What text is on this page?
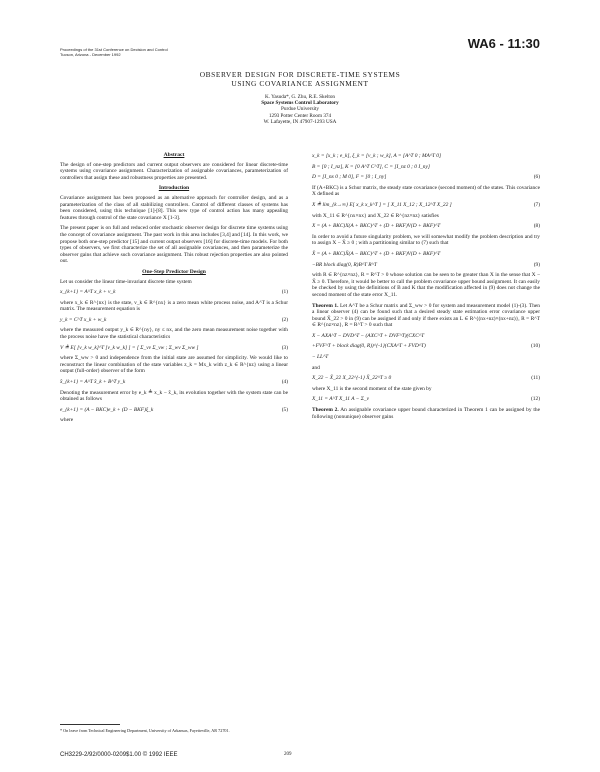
Proceedings of the 31st Conference on Decision and Control Tucson, Arizona - December 1992
WA6 - 11:30
OBSERVER DESIGN FOR DISCRETE-TIME SYSTEMS
USING COVARIANCE ASSIGNMENT
K. Yasuda*, G. Zhu, R.E. Skelton
Space Systems Control Laboratory
Purdue University
1293 Potter Center Room 374
W. Lafayette, IN 47907-1293 USA
Abstract

The design of one-step predictors and current output observers are considered for linear discrete-time systems using covariance assignment. Characterization of assignable covariances, parameterization of controllers that assign these and robustness properties are presented.

Introduction

Covariance assignment has been proposed as an alternative approach for controller design, and as a parameterization of the class of all stabilizing controllers. Control of different classes of systems has been considered, using this technique [1]-[8]. This new type of control action has many appealing features through control of the state covariance X [1-3].

The present paper is on full and reduced order stochastic observer design for discrete time systems using the concept of covariance assignment. The past work in this area includes [3,4] and [14]. In this work, we propose both one-step predictor [15] and current output observers [16] for discrete-time models. For both types of observers, we first characterize the set of all assignable covariances, and then parameterize the observer gains that achieve such covariance assignment. This robust rejection properties are also pointed out.

One-Step Predictor Design

Let us consider the linear time-invariant discrete time system

x_{k+1} = A^T x_k + v_k	(1)

where x_k ∈ R^{nx} is the state, v_k ∈ R^{nx} is a zero mean white process noise, and A^T is a Schur matrix. The measurement equation is

y_k = C^T x_k + w_k	(2)

where the measured output y_k ∈ R^{ny}, ny ≤ nx, and the zero mean measurement noise together with the process noise have the statistical characteristics

V ≜ E[ [v_k w_k]^T [v_k w_k] ] = [ Σ_vv Σ_vw ; Σ_wv Σ_ww ]	(3)

where Σ_ww > 0 and independence from the initial state are assumed for simplicity. We would like to reconstruct the linear combination of the state variables z_k = Mx_k with z_k ∈ R^{nz} using a linear output (full-order) observer of the form

x̂_{k+1} = A^T x̂_k + B^T y_k	(4)

Denoting the measurement error by e_k ≜ x_k − x̂_k, its evolution together with the system state can be obtained as follows

e_{k+1} = (A − BKC)e_k + (D − BKF)ξ_k	(5)

where

x_k = [x_k ; e_k], ξ_k = [v_k ; w_k], A = [A^T 0 ; MA^T 0]
B = [0 ; I_nz], K = [0 A^T C^T], C = [I_nz 0 ; 0 I_ny]
D = [I_nx 0 ; M 0], F = [0 ; I_ny]	(6)

If (A+BKC) is a Schur matrix, the steady state covariance (second moment) of the states. This covariance X defined as

X ≜ lim_{k→∞} E[ x_k x_k^T ] = [ X_11 X_12 ; X_12^T X_22 ]	(7)

with X_11 ∈ R^{nx×nx} and X_22 ∈ R^{nz×nz} satisfies

X = (A + BKC)X(A + BKC)^T + (D + BKF)V(D + BKF)^T	(8)

In order to avoid a future singularity problem, we will somewhat modify the problem description and try to assign X − X̄ ≥ 0 ; with a partitioning similar to (7) such that

X̄ = (A + BKC)X̄(A − BKC)^T + (D + BKF)V(D + BKF)^T
−BR block diag(0, R)B^T R^T	(9)

with R ∈ R^{nz×nz}, R = R^T > 0 whose solution can be seen to be greater than X in the sense that X − X̄ ≥ 0. Therefore, it would be better to call the problem covariance upper bound assignment. It can easily be checked by using the definitions of B and K that the modification affected in (9) does not change the second moment of the state error X_11.

Theorem 1. Let A^T be a Schur matrix and Σ_ww > 0 for system and measurement model (1)-(3). Then a linear observer (4) can be found such that a desired steady state estimation error covariance upper bound X̄_22 > 0 in (9) can be assigned if and only if there exists an L ∈ R^{(nx+nz)×(nx+nz)}, R = R^T ∈ R^{nz×nz}, R = R^T > 0 such that

X − AXA^T − DVD^T − (AXC^T + DVF^T)(CXC^T
+FVF^T + block diag(0, R))^{-1}(CXA^T + FVD^T)	(10)
− LL^T

and

X_22 − X̄_22 X_22^{-1} X̄_22^T ≥ 0	(11)

where X_11 is the second moment of the state given by

X_11 = A^T X_11 A − Σ_v	(12)

Theorem 2. An assignable covariance upper bound characterized in Theorem 1 can be assigned by the following (nonunique) observer gains

* On leave from Technical Engineering Department, University of Arkansas, Fayetteville, AR 72701.
CH3229-2/92/0000-0209$1.00 © 1992 IEEE	209
